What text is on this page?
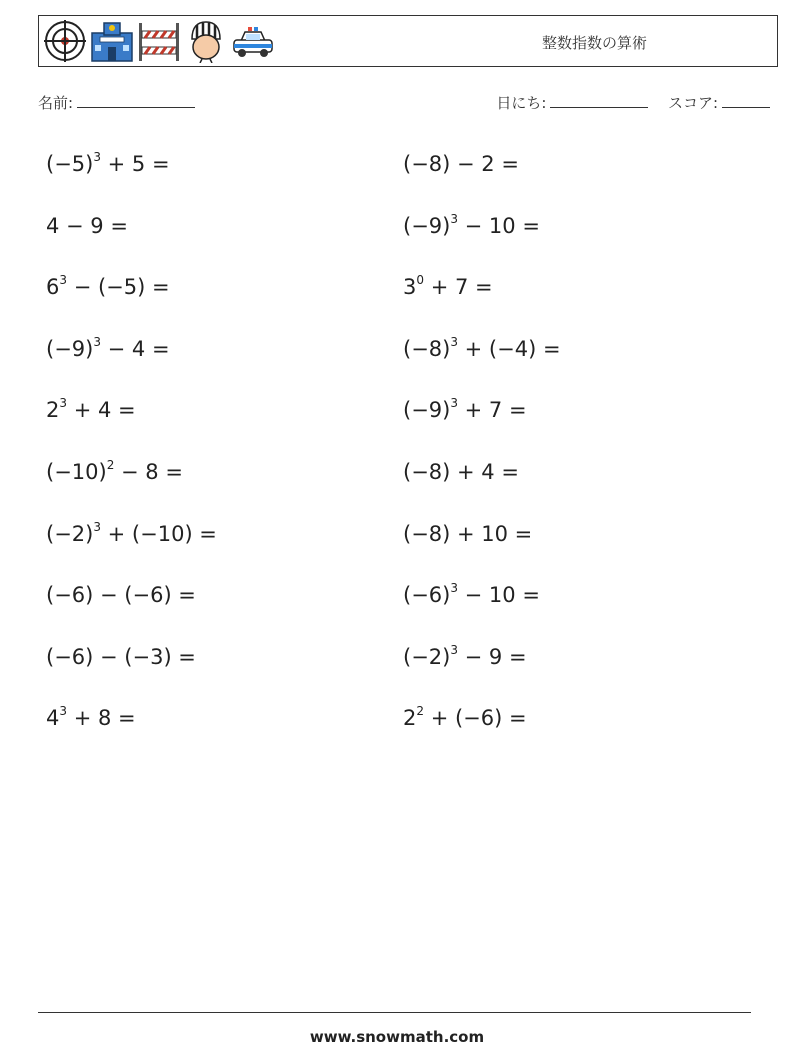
整数指数の算術
名前:	日にち:	スコア:
$(-5)^3 + 5$ =	(−8) − 2 =
4 − 9 =	$(-9)^3 - 10$ =
$6^3 - (-5)$ =	$3^0 + 7$ =
$(-9)^3 - 4$ =	$(-8)^3 + (-4)$ =
$2^3 + 4$ =	$(-9)^3 + 7$ =
$(-10)^2 - 8$ =	(−8) + 4 =
$(-2)^3 + (-10)$ =	(−8) + 10 =
(−6) − (−6) =	$(-6)^3 - 10$ =
(−6) − (−3) =	$(-2)^3 - 9$ =
$4^3 + 8$ =	$2^2 + (-6)$ =
www.snowmath.com
